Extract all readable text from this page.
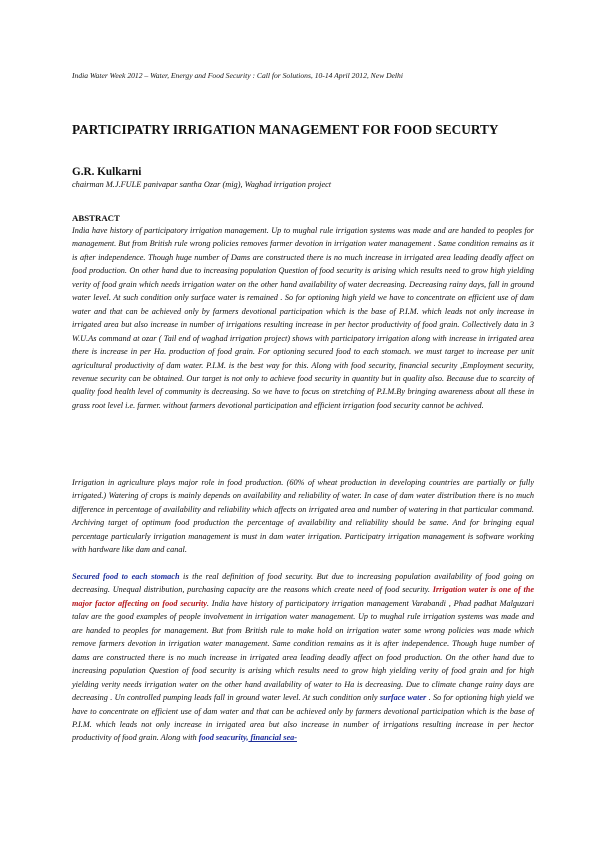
India Water Week 2012 – Water, Energy and Food Security : Call for Solutions, 10-14 April 2012, New Delhi
PARTICIPATRY IRRIGATION MANAGEMENT FOR FOOD SECURTY
G.R. Kulkarni
chairman M.J.FULE panivapar santha Ozar (mig), Waghad irrigation project
ABSTRACT
India have history of participatory irrigation management. Up to mughal rule irrigation systems was made and are handed to peoples for management. But from British rule wrong policies removes farmer devotion in irrigation water management . Same condition remains as it is after independence. Though huge number of Dams are constructed there is no much increase in irrigated area leading deadly affect on food production. On other hand due to increasing population Question of food security is arising which results need to grow high yielding verity of food grain which needs irrigation water on the other hand availability of water decreasing. Decreasing rainy days, fall in ground water level. At such condition only surface water is remained . So for optioning high yield we have to concentrate on efficient use of dam water and that can be achieved only by farmers devotional participation which is the base of P.I.M. which leads not only increase in irrigated area but also increase in number of irrigations resulting increase in per hector productivity of food grain. Collectively data in 3 W.U.As command at ozar ( Tail end of waghad irrigation project) shows with participatory irrigation along with increase in irrigated area there is increase in per Ha. production of food grain. For optioning secured food to each stomach. we must target to increase per unit agricultural productivity of dam water. P.I.M. is the best way for this. Along with food security, financial security ,Employment security, revenue security can be obtained. Our target is not only to achieve food security in quantity but in quality also. Because due to scarcity of quality food health level of community is decreasing. So we have to focus on stretching of P.I.M.By bringing awareness about all these in grass root level i.e. farmer. without farmers devotional participation and efficient irrigation food security cannot be achived.
Irrigation in agriculture plays major role in food production. (60% of wheat production in developing countries are partially or fully irrigated.) Watering of crops is mainly depends on availability and reliability of water. In case of dam water distribution there is no much difference in percentage of availability and reliability which affects on irrigated area and number of watering in that particular command. Archiving target of optimum food production the percentage of availability and reliability should be same. And for bringing equal percentage particularly irrigation management is must in dam water irrigation. Participatry irrigation management is software working with hardware like dam and canal.
Secured food to each stomach is the real definition of food security. But due to increasing population availability of food going on decreasing. Unequal distribution, purchasing capacity are the reasons which create need of food security. Irrigation water is one of the major factor affecting on food security. India have history of participatory irrigation management Varabandi , Phad padhat Malguzari talav are the good examples of people involvement in irrigation water management. Up to mughal rule irrigation systems was made and are handed to peoples for management. But from British rule to make hold on irrigation water some wrong policies was made which remove farmers devotion in irrigation water management. Same condition remains as it is after independence. Though huge number of dams are constructed there is no much increase in irrigated area leading deadly affect on food production. On the other hand due to increasing population Question of food security is arising which results need to grow high yielding verity of food grain and for high yielding verity needs irrigation water on the other hand availability of water to Ha is decreasing. Due to climate change rainy days are decreasing . Un controlled pumping leads fall in ground water level. At such condition only surface water . So for optioning high yield we have to concentrate on efficient use of dam water and that can be achieved only by farmers devotional participation which is the base of P.I.M. which leads not only increase in irrigated area but also increase in number of irrigations resulting increase in per hector productivity of food grain. Along with food seacurity, financial sea-
